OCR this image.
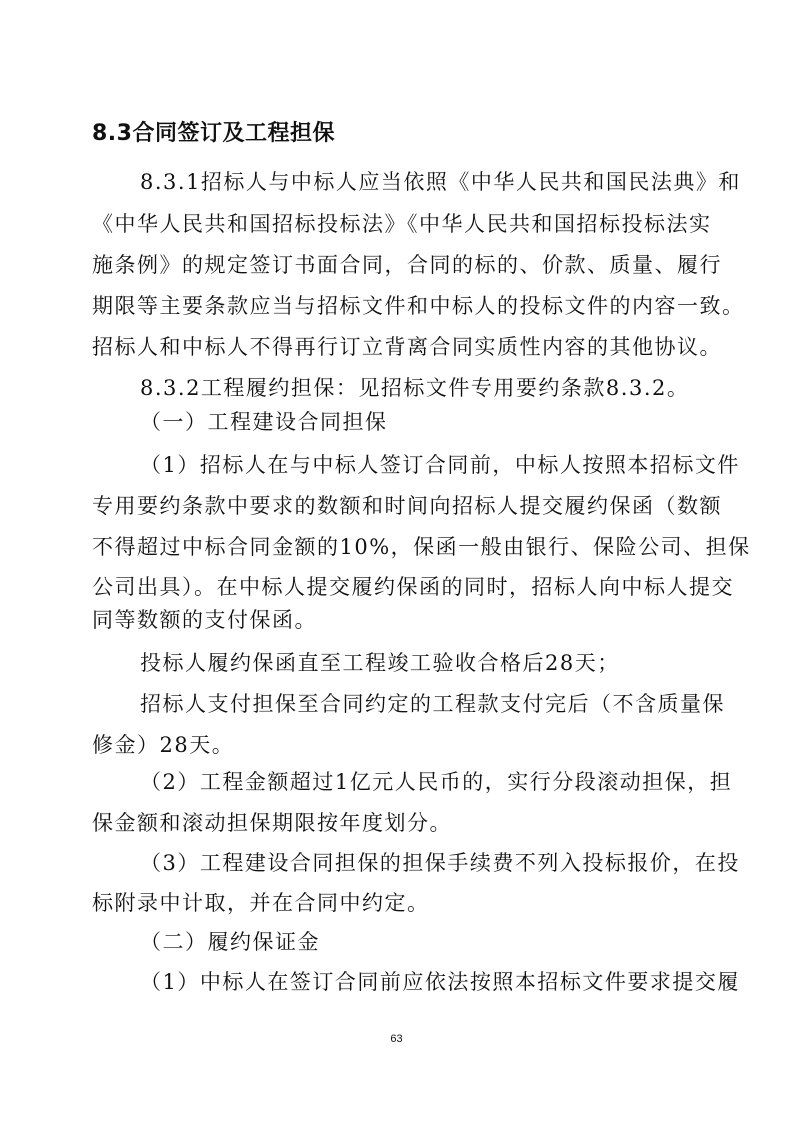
8.3合同签订及工程担保
8.3.1招标人与中标人应当依照《中华人民共和国民法典》和
《中华人民共和国招标投标法》《中华人民共和国招标投标法实
施条例》的规定签订书面合同，合同的标的、价款、质量、履行
期限等主要条款应当与招标文件和中标人的投标文件的内容一致。
招标人和中标人不得再行订立背离合同实质性内容的其他协议。
8.3.2工程履约担保：见招标文件专用要约条款8.3.2。
（一）工程建设合同担保
（1）招标人在与中标人签订合同前，中标人按照本招标文件
专用要约条款中要求的数额和时间向招标人提交履约保函（数额
不得超过中标合同金额的10%，保函一般由银行、保险公司、担保
公司出具）。在中标人提交履约保函的同时，招标人向中标人提交
同等数额的支付保函。
投标人履约保函直至工程竣工验收合格后28天；
招标人支付担保至合同约定的工程款支付完后（不含质量保
修金）28天。
（2）工程金额超过1亿元人民币的，实行分段滚动担保，担
保金额和滚动担保期限按年度划分。
（3）工程建设合同担保的担保手续费不列入投标报价，在投
标附录中计取，并在合同中约定。
（二）履约保证金
（1）中标人在签订合同前应依法按照本招标文件要求提交履
63
